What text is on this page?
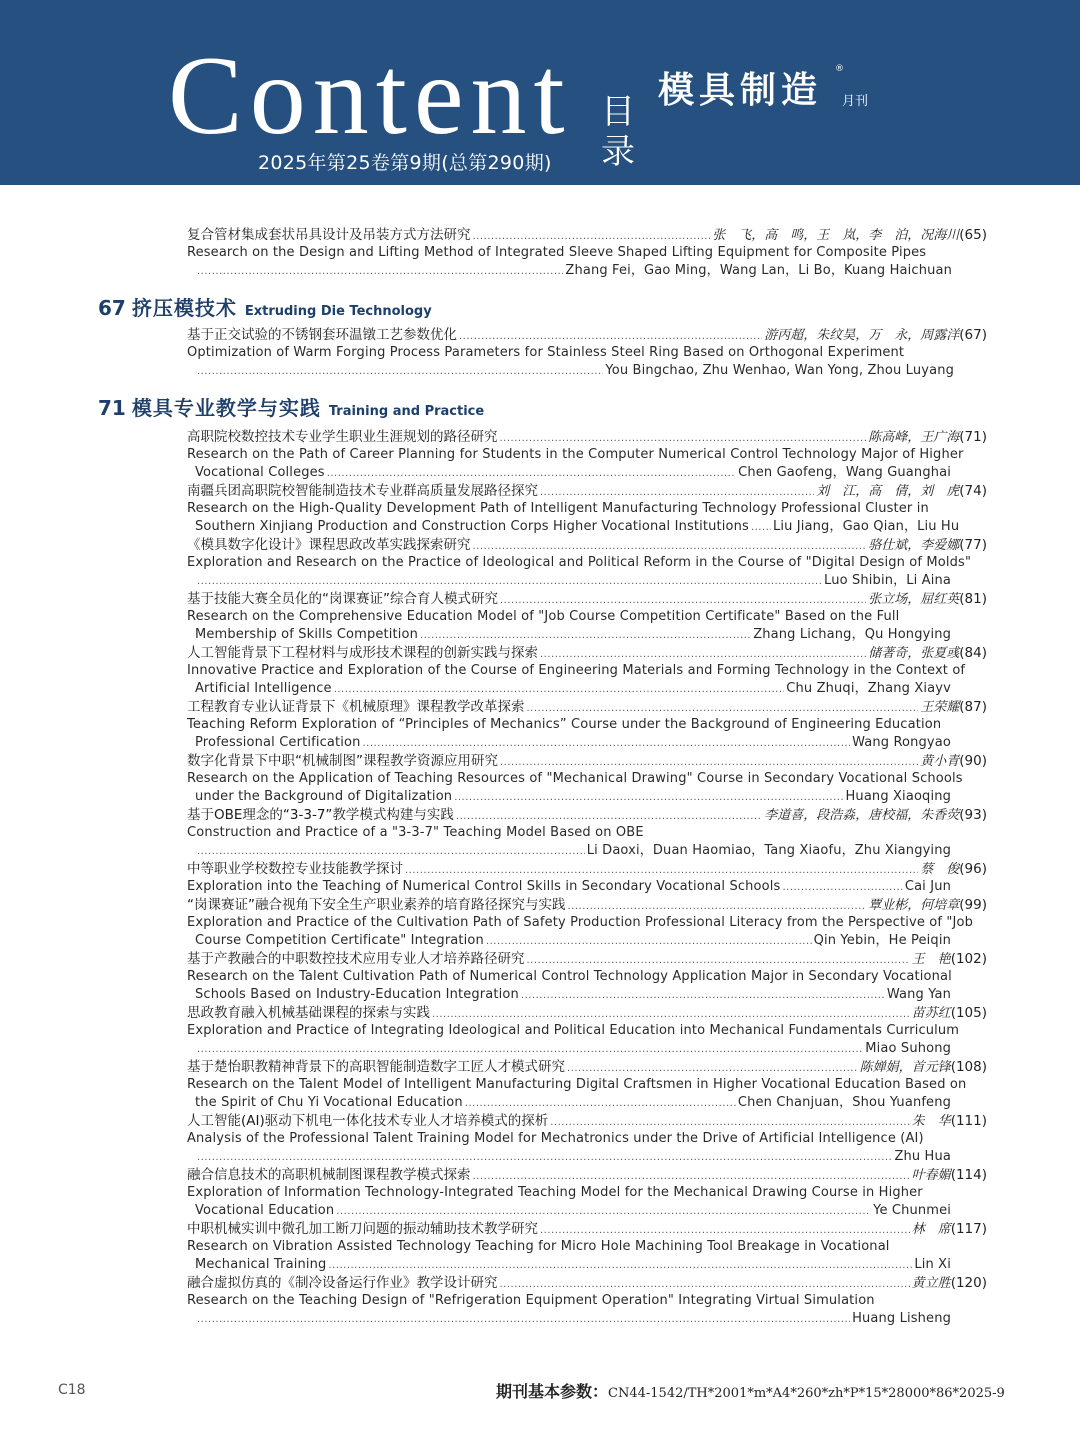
Content 目录
2025年第25卷第9期(总第290期)
模具制造 ®
月刊
复合管材集成套状吊具设计及吊装方式方法研究 .....	张　飞，高　鸣，王　岚，李　泊，况海川 (65)
Research on the Design and Lifting Method of Integrated Sleeve Shaped Lifting Equipment for Composite Pipes
.....
Zhang Fei，Gao Ming，Wang Lan，Li Bo，Kuang Haichuan
67 挤压模技术 Extruding Die Technology
基于正交试验的不锈钢套环温镦工艺参数优化 .....	游丙超，朱纹昊，万　永，周露洋 (67)
Optimization of Warm Forging Process Parameters for Stainless Steel Ring Based on Orthogonal Experiment
.....
You Bingchao, Zhu Wenhao, Wan Yong, Zhou Luyang
71 模具专业教学与实践 Training and Practice
高职院校数控技术专业学生职业生涯规划的路径研究 .....	陈高峰，王广海 (71)
Research on the Path of Career Planning for Students in the Computer Numerical Control Technology Major of Higher
Vocational Colleges .....	Chen Gaofeng，Wang Guanghai
南疆兵团高职院校智能制造技术专业群高质量发展路径探究 .....	刘　江，高　倩，刘　虎 (74)
Research on the High-Quality Development Path of Intelligent Manufacturing Technology Professional Cluster in
Southern Xinjiang Production and Construction Corps Higher Vocational Institutions ..... Liu Jiang，Gao Qian，Liu Hu
《模具数字化设计》课程思政改革实践探索研究 .....	骆仕斌，李爱娜 (77)
Exploration and Research on the Practice of Ideological and Political Reform in the Course of "Digital Design of Molds"
.....
Luo Shibin，Li Aina
基于技能大赛全员化的“岗课赛证”综合育人模式研究 .....	张立场，屈红英 (81)
Research on the Comprehensive Education Model of "Job Course Competition Certificate" Based on the Full
Membership of Skills Competition .....	Zhang Lichang，Qu Hongying
人工智能背景下工程材料与成形技术课程的创新实践与探索 .....	储著奇，张夏彧 (84)
Innovative Practice and Exploration of the Course of Engineering Materials and Forming Technology in the Context of
Artificial Intelligence .....	Chu Zhuqi，Zhang Xiayv
工程教育专业认证背景下《机械原理》课程教学改革探索 .....	王荣耀 (87)
Teaching Reform Exploration of “Principles of Mechanics” Course under the Background of Engineering Education
Professional Certification .....	Wang Rongyao
数字化背景下中职“机械制图”课程教学资源应用研究 .....	黄小青 (90)
Research on the Application of Teaching Resources of "Mechanical Drawing" Course in Secondary Vocational Schools
under the Background of Digitalization .....	Huang Xiaoqing
基于OBE理念的“3-3-7”教学模式构建与实践 .....	李道喜，段浩淼，唐校福，朱香荧 (93)
Construction and Practice of a "3-3-7" Teaching Model Based on OBE
.....
Li Daoxi，Duan Haomiao，Tang Xiaofu，Zhu Xiangying
中等职业学校数控专业技能教学探讨 .....	蔡　俊 (96)
Exploration into the Teaching of Numerical Control Skills in Secondary Vocational Schools .....	Cai Jun
“岗课赛证”融合视角下安全生产职业素养的培育路径探究与实践 .....	覃业彬，何培章 (99)
Exploration and Practice of the Cultivation Path of Safety Production Professional Literacy from the Perspective of "Job
Course Competition Certificate" Integration .....	Qin Yebin，He Peiqin
基于产教融合的中职数控技术应用专业人才培养路径研究 .....	王　艳 (102)
Research on the Talent Cultivation Path of Numerical Control Technology Application Major in Secondary Vocational
Schools Based on Industry-Education Integration .....	Wang Yan
思政教育融入机械基础课程的探索与实践 .....	苗苏红 (105)
Exploration and Practice of Integrating Ideological and Political Education into Mechanical Fundamentals Curriculum
.....
Miao Suhong
基于楚怡职教精神背景下的高职智能制造数字工匠人才模式研究 .....	陈婵娟，首元锋 (108)
Research on the Talent Model of Intelligent Manufacturing Digital Craftsmen in Higher Vocational Education Based on
the Spirit of Chu Yi Vocational Education .....	Chen Chanjuan，Shou Yuanfeng
人工智能(AI)驱动下机电一体化技术专业人才培养模式的探析 .....	朱　华 (111)
Analysis of the Professional Talent Training Model for Mechatronics under the Drive of Artificial Intelligence (AI)
.....
Zhu Hua
融合信息技术的高职机械制图课程教学模式探索 .....	叶春媚 (114)
Exploration of Information Technology-Integrated Teaching Model for the Mechanical Drawing Course in Higher
Vocational Education .....	Ye Chunmei
中职机械实训中微孔加工断刀问题的振动辅助技术教学研究 .....	林　席 (117)
Research on Vibration Assisted Technology Teaching for Micro Hole Machining Tool Breakage in Vocational
Mechanical Training .....	Lin Xi
融合虚拟仿真的《制冷设备运行作业》教学设计研究 .....	黄立胜 (120)
Research on the Teaching Design of "Refrigeration Equipment Operation" Integrating Virtual Simulation
.....
Huang Lisheng
C18	期刊基本参数：CN44-1542/TH*2001*m*A4*260*zh*P*15*28000*86*2025-9
